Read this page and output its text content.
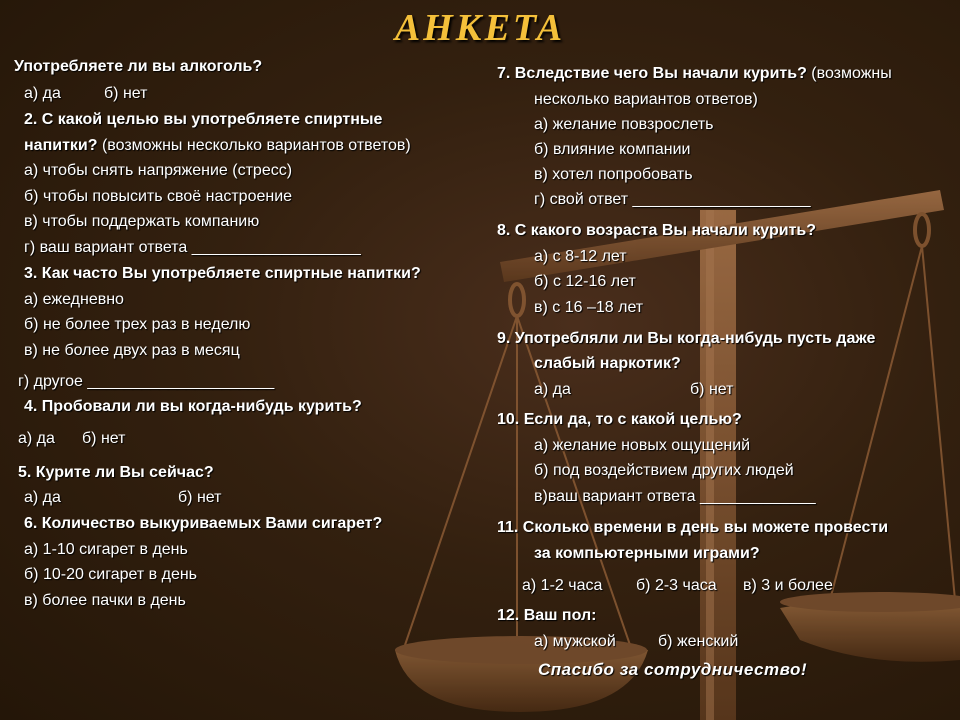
АНКЕТА
Употребляете ли вы алкоголь?
а) да	б) нет
2. С какой целью вы употребляете спиртные
напитки? (возможны несколько вариантов ответов)
а) чтобы снять напряжение (стресс)
б) чтобы повысить своё настроение
в) чтобы поддержать компанию
г) ваш вариант ответа ___________________
3. Как часто Вы употребляете спиртные напитки?
а) ежедневно
б) не более трех раз в неделю
в) не более двух раз в месяц
г) другое _____________________
4. Пробовали ли вы когда-нибудь курить?
а) да б) нет
5. Курите ли Вы сейчас?
а) да	б) нет
6. Количество выкуриваемых Вами сигарет?
а) 1-10 сигарет в день
б) 10-20 сигарет в день
в) более пачки в день
7. Вследствие чего Вы начали курить? (возможны
несколько вариантов ответов)
а) желание повзрослеть
б) влияние компании
в) хотел попробовать
г) свой ответ ____________________
8. С какого возраста Вы начали курить?
а) с 8-12 лет
б) с 12-16 лет
в) с 16 –18 лет
9. Употребляли ли Вы когда-нибудь пусть даже
слабый наркотик?
а) да	б) нет
10. Если да, то с какой целью?
а) желание новых ощущений
б) под воздействием других людей
в)ваш вариант ответа _____________
11. Сколько времени в день вы можете провести
за компьютерными играми?
а) 1-2 часа б) 2-3 часа в) 3 и более
12. Ваш пол:
а) мужской	б) женский
Спасибо за сотрудничество!
